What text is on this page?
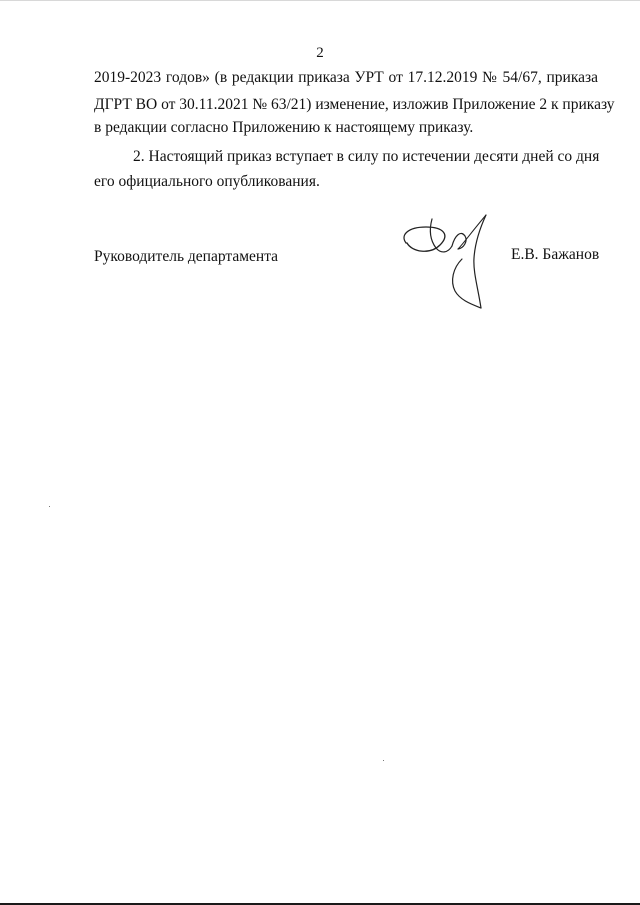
2
2019-2023 годов» (в редакции приказа УРТ от 17.12.2019 № 54/67, приказа
ДГРТ ВО от 30.11.2021 № 63/21) изменение, изложив Приложение 2 к приказу
в редакции согласно Приложению к настоящему приказу.
2. Настоящий приказ вступает в силу по истечении десяти дней со дня
его официального опубликования.
Руководитель департамента	Е.В. Бажанов
